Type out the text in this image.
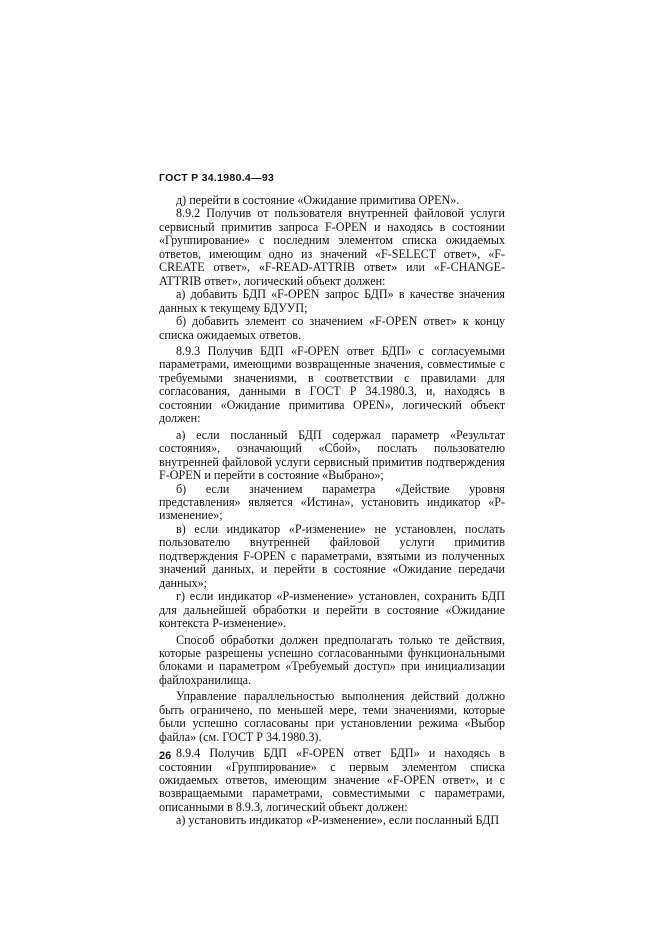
ГОСТ Р 34.1980.4—93

д) перейти в состояние «Ожидание примитива OPEN».

8.9.2 Получив от пользователя внутренней файловой услуги сервисный примитив запроса F-OPEN и находясь в состоянии «Группирование» с последним элементом списка ожидаемых ответов, имеющим одно из значений «F-SELECT ответ», «F-CREATE ответ», «F-READ-ATTRIB ответ» или «F-CHANGE-ATTRIB ответ», логический объект должен:

а) добавить БДП «F-OPEN запрос БДП» в качестве значения данных к текущему БДУУП;

б) добавить элемент со значением «F-OPEN ответ» к концу списка ожидаемых ответов.

8.9.3 Получив БДП «F-OPEN ответ БДП» с согласуемыми параметрами, имеющими возвращенные значения, совместимые с требуемыми значениями, в соответствии с правилами для согласования, данными в ГОСТ Р 34.1980.3, и, находясь в состоянии «Ожидание примитива OPEN», логический объект должен:

а) если посланный БДП содержал параметр «Результат состояния», означающий «Сбой», послать пользователю внутренней файловой услуги сервисный примитив подтверждения F-OPEN и перейти в состояние «Выбрано»;

б) если значением параметра «Действие уровня представления» является «Истина», установить индикатор «Р-изменение»;

в) если индикатор «Р-изменение» не установлен, послать пользователю внутренней файловой услуги примитив подтверждения F-OPEN с параметрами, взятыми из полученных значений данных, и перейти в состояние «Ожидание передачи данных»;

г) если индикатор «Р-изменение» установлен, сохранить БДП для дальнейшей обработки и перейти в состояние «Ожидание контекста Р-изменение».

Способ обработки должен предполагать только те действия, которые разрешены успешно согласованными функциональными блоками и параметром «Требуемый доступ» при инициализации файлохранилища.

Управление параллельностью выполнения действий должно быть ограничено, по меньшей мере, теми значениями, которые были успешно согласованы при установлении режима «Выбор файла» (см. ГОСТ Р 34.1980.3).

8.9.4 Получив БДП «F-OPEN ответ БДП» и находясь в состоянии «Группирование» с первым элементом списка ожидаемых ответов, имеющим значение «F-OPEN ответ», и с возвращаемыми параметрами, совместимыми с параметрами, описанными в 8.9.3, логический объект должен:

а) установить индикатор «Р-изменение», если посланный БДП

26
